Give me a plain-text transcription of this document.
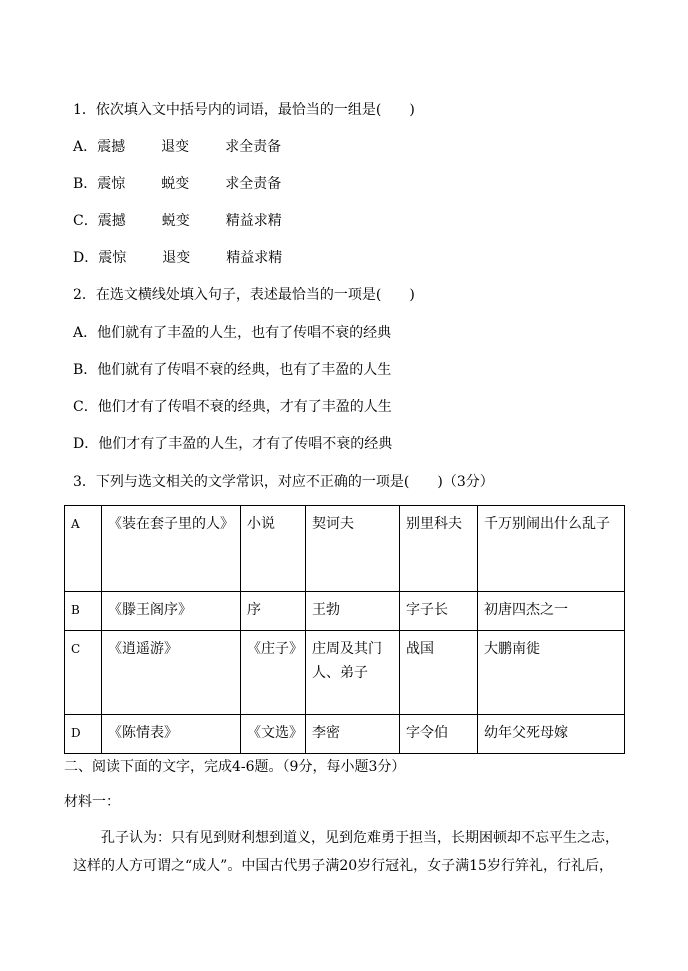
1．依次填入文中括号内的词语，最恰当的一组是(　　)
A．震撼	退变	求全责备
B．震惊	蜕变	求全责备
C．震撼	蜕变	精益求精
D．震惊	退变	精益求精
2．在选文横线处填入句子，表述最恰当的一项是(　　)
A．他们就有了丰盈的人生，也有了传唱不衰的经典
B．他们就有了传唱不衰的经典，也有了丰盈的人生
C．他们才有了传唱不衰的经典，才有了丰盈的人生
D．他们才有了丰盈的人生，才有了传唱不衰的经典
3．下列与选文相关的文学常识，对应不正确的一项是(　　)（3分）
A	《装在套子里的人》	小说	契诃夫	别里科夫	千万别闹出什么乱子
B	《滕王阁序》	序	王勃	字子长	初唐四杰之一
C	《逍遥游》	《庄子》	庄周及其门人、弟子	战国	大鹏南徙
D	《陈情表》	《文选》	李密	字令伯	幼年父死母嫁
二、阅读下面的文字，完成4-6题。（9分，每小题3分）
材料一：
孔子认为：只有见到财利想到道义，见到危难勇于担当，长期困顿却不忘平生之志，这样的人方可谓之“成人”。中国古代男子满20岁行冠礼，女子满15岁行笄礼，行礼后，
